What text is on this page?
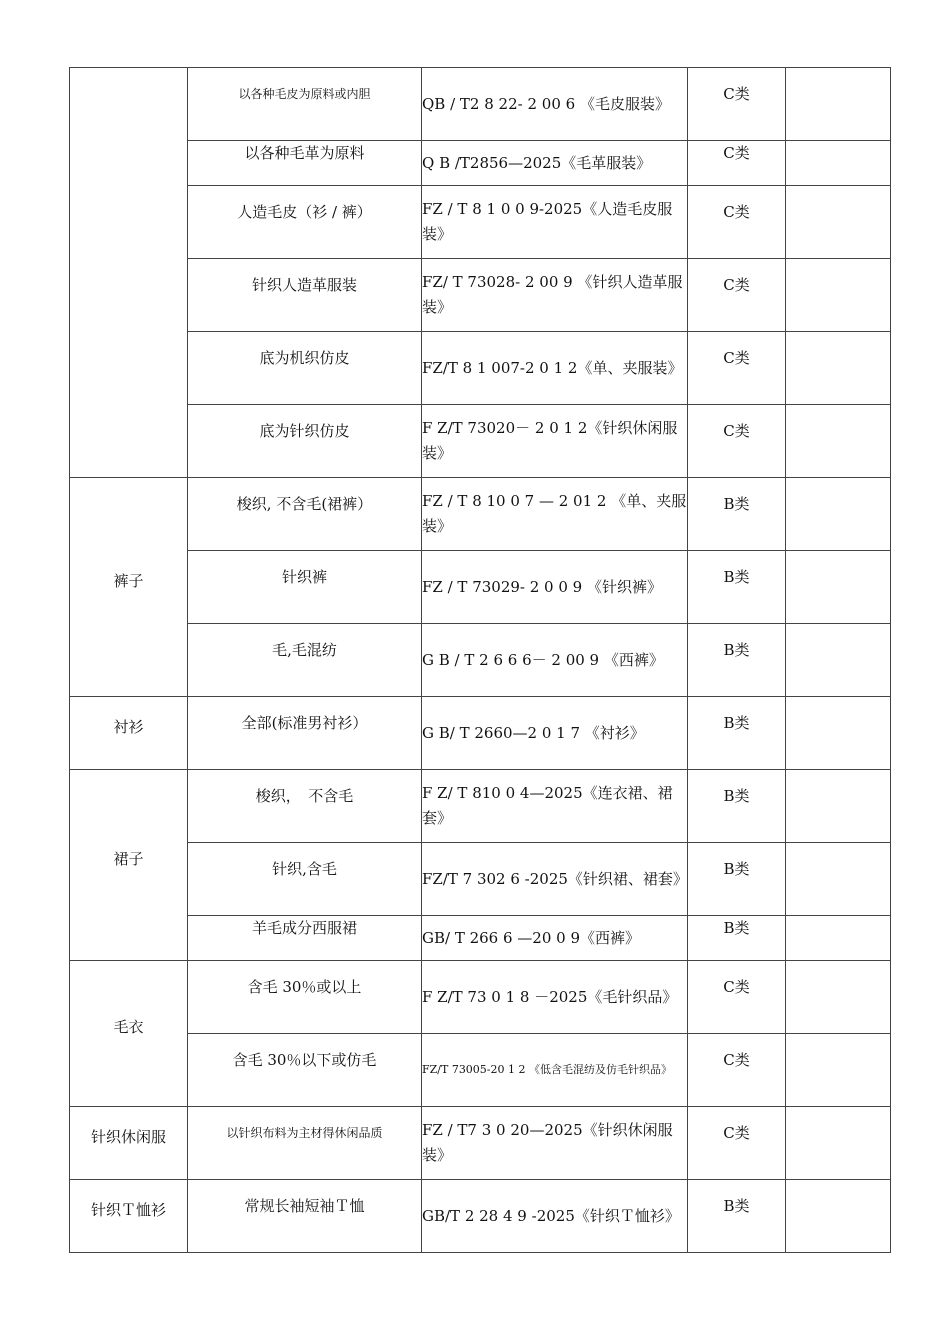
	以各种毛皮为原料或内胆	QB / T2 8 22- 2 00 6 《毛皮服装》	C类	
	以各种毛革为原料	Q B /T2856—2025《毛革服装》	C类	
	人造毛皮（衫 / 裤）	FZ / T 8 1 0 0 9-2025《人造毛皮服装》	C类	
	针织人造革服装	FZ/ T 73028- 2 00 9 《针织人造革服装》	C类	
	底为机织仿皮	FZ/T 8 1 007-2 0 1 2《单、夹服装》	C类	
	底为针织仿皮	F Z/T 73020－ 2 0 1 2《针织休闲服装》	C类	
裤子	梭织, 不含毛(裙裤）	FZ / T 8 10 0 7 — 2 01 2 《单、夹服装》	B类	
	针织裤	FZ / T 73029- 2 0 0 9 《针织裤》	B类	
	毛,毛混纺	G B / T 2 6 6 6－ 2 00 9 《西裤》	B类	
衬衫	全部(标准男衬衫）	G B/ T 2660—2 0 1 7 《衬衫》	B类	
裙子	梭织，　不含毛	F Z/ T 810 0 4—2025《连衣裙、裙套》	B类	
	针织,含毛	FZ/T 7 302 6 -2025《针织裙、裙套》	B类	
	羊毛成分西服裙	GB/ T 266 6 —20 0 9《西裤》	B类	
毛衣	含毛 30％或以上	F Z/T 73 0 1 8 －2025《毛针织品》	C类	
	含毛 30％以下或仿毛	FZ/T 73005-20 1 2 《低含毛混纺及仿毛针织品》	C类	
针织休闲服	以针织布料为主材得休闲品质	FZ / T7 3 0 20—2025《针织休闲服装》	C类	
针织Ｔ恤衫	常规长袖短袖Ｔ恤	GB/T 2 28 4 9 -2025《针织Ｔ恤衫》	B类	
